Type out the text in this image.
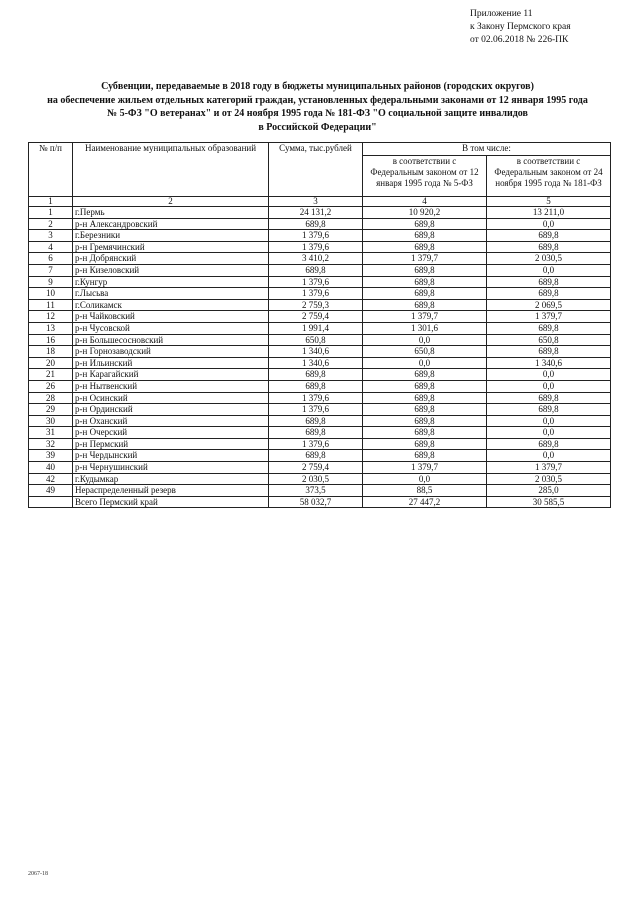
Приложение 11
к Закону Пермского края
от 02.06.2018 № 226-ПК
Субвенции, передаваемые в 2018 году в бюджеты муниципальных районов (городских округов)
на обеспечение жильем отдельных категорий граждан, установленных федеральными законами от 12 января 1995 года
№ 5-ФЗ "О ветеранах" и от 24 ноября 1995 года № 181-ФЗ "О социальной защите инвалидов
в Российской Федерации"
№ п/п	Наименование муниципальных образований	Сумма, тыс.рублей	В том числе:	
			в соответствии с Федеральным законом от 12 января 1995 года № 5-ФЗ	в соответствии с Федеральным законом от 24 ноября 1995 года № 181-ФЗ
1	2	3	4	5
1	г.Пермь	24 131,2	10 920,2	13 211,0
2	р-н Александровский	689,8	689,8	0,0
3	г.Березники	1 379,6	689,8	689,8
4	р-н Гремячинский	1 379,6	689,8	689,8
6	р-н Добрянский	3 410,2	1 379,7	2 030,5
7	р-н Кизеловский	689,8	689,8	0,0
9	г.Кунгур	1 379,6	689,8	689,8
10	г.Лысьва	1 379,6	689,8	689,8
11	г.Соликамск	2 759,3	689,8	2 069,5
12	р-н Чайковский	2 759,4	1 379,7	1 379,7
13	р-н Чусовской	1 991,4	1 301,6	689,8
16	р-н Большесосновский	650,8	0,0	650,8
18	р-н Горнозаводский	1 340,6	650,8	689,8
20	р-н Ильинский	1 340,6	0,0	1 340,6
21	р-н Карагайский	689,8	689,8	0,0
26	р-н Нытвенский	689,8	689,8	0,0
28	р-н Осинский	1 379,6	689,8	689,8
29	р-н Ординский	1 379,6	689,8	689,8
30	р-н Оханский	689,8	689,8	0,0
31	р-н Очерский	689,8	689,8	0,0
32	р-н Пермский	1 379,6	689,8	689,8
39	р-н Чердынский	689,8	689,8	0,0
40	р-н Чернушинский	2 759,4	1 379,7	1 379,7
42	г.Кудымкар	2 030,5	0,0	2 030,5
49	Нераспределенный резерв	373,5	88,5	285,0
	Всего Пермский край	58 032,7	27 447,2	30 585,5
2067-18
